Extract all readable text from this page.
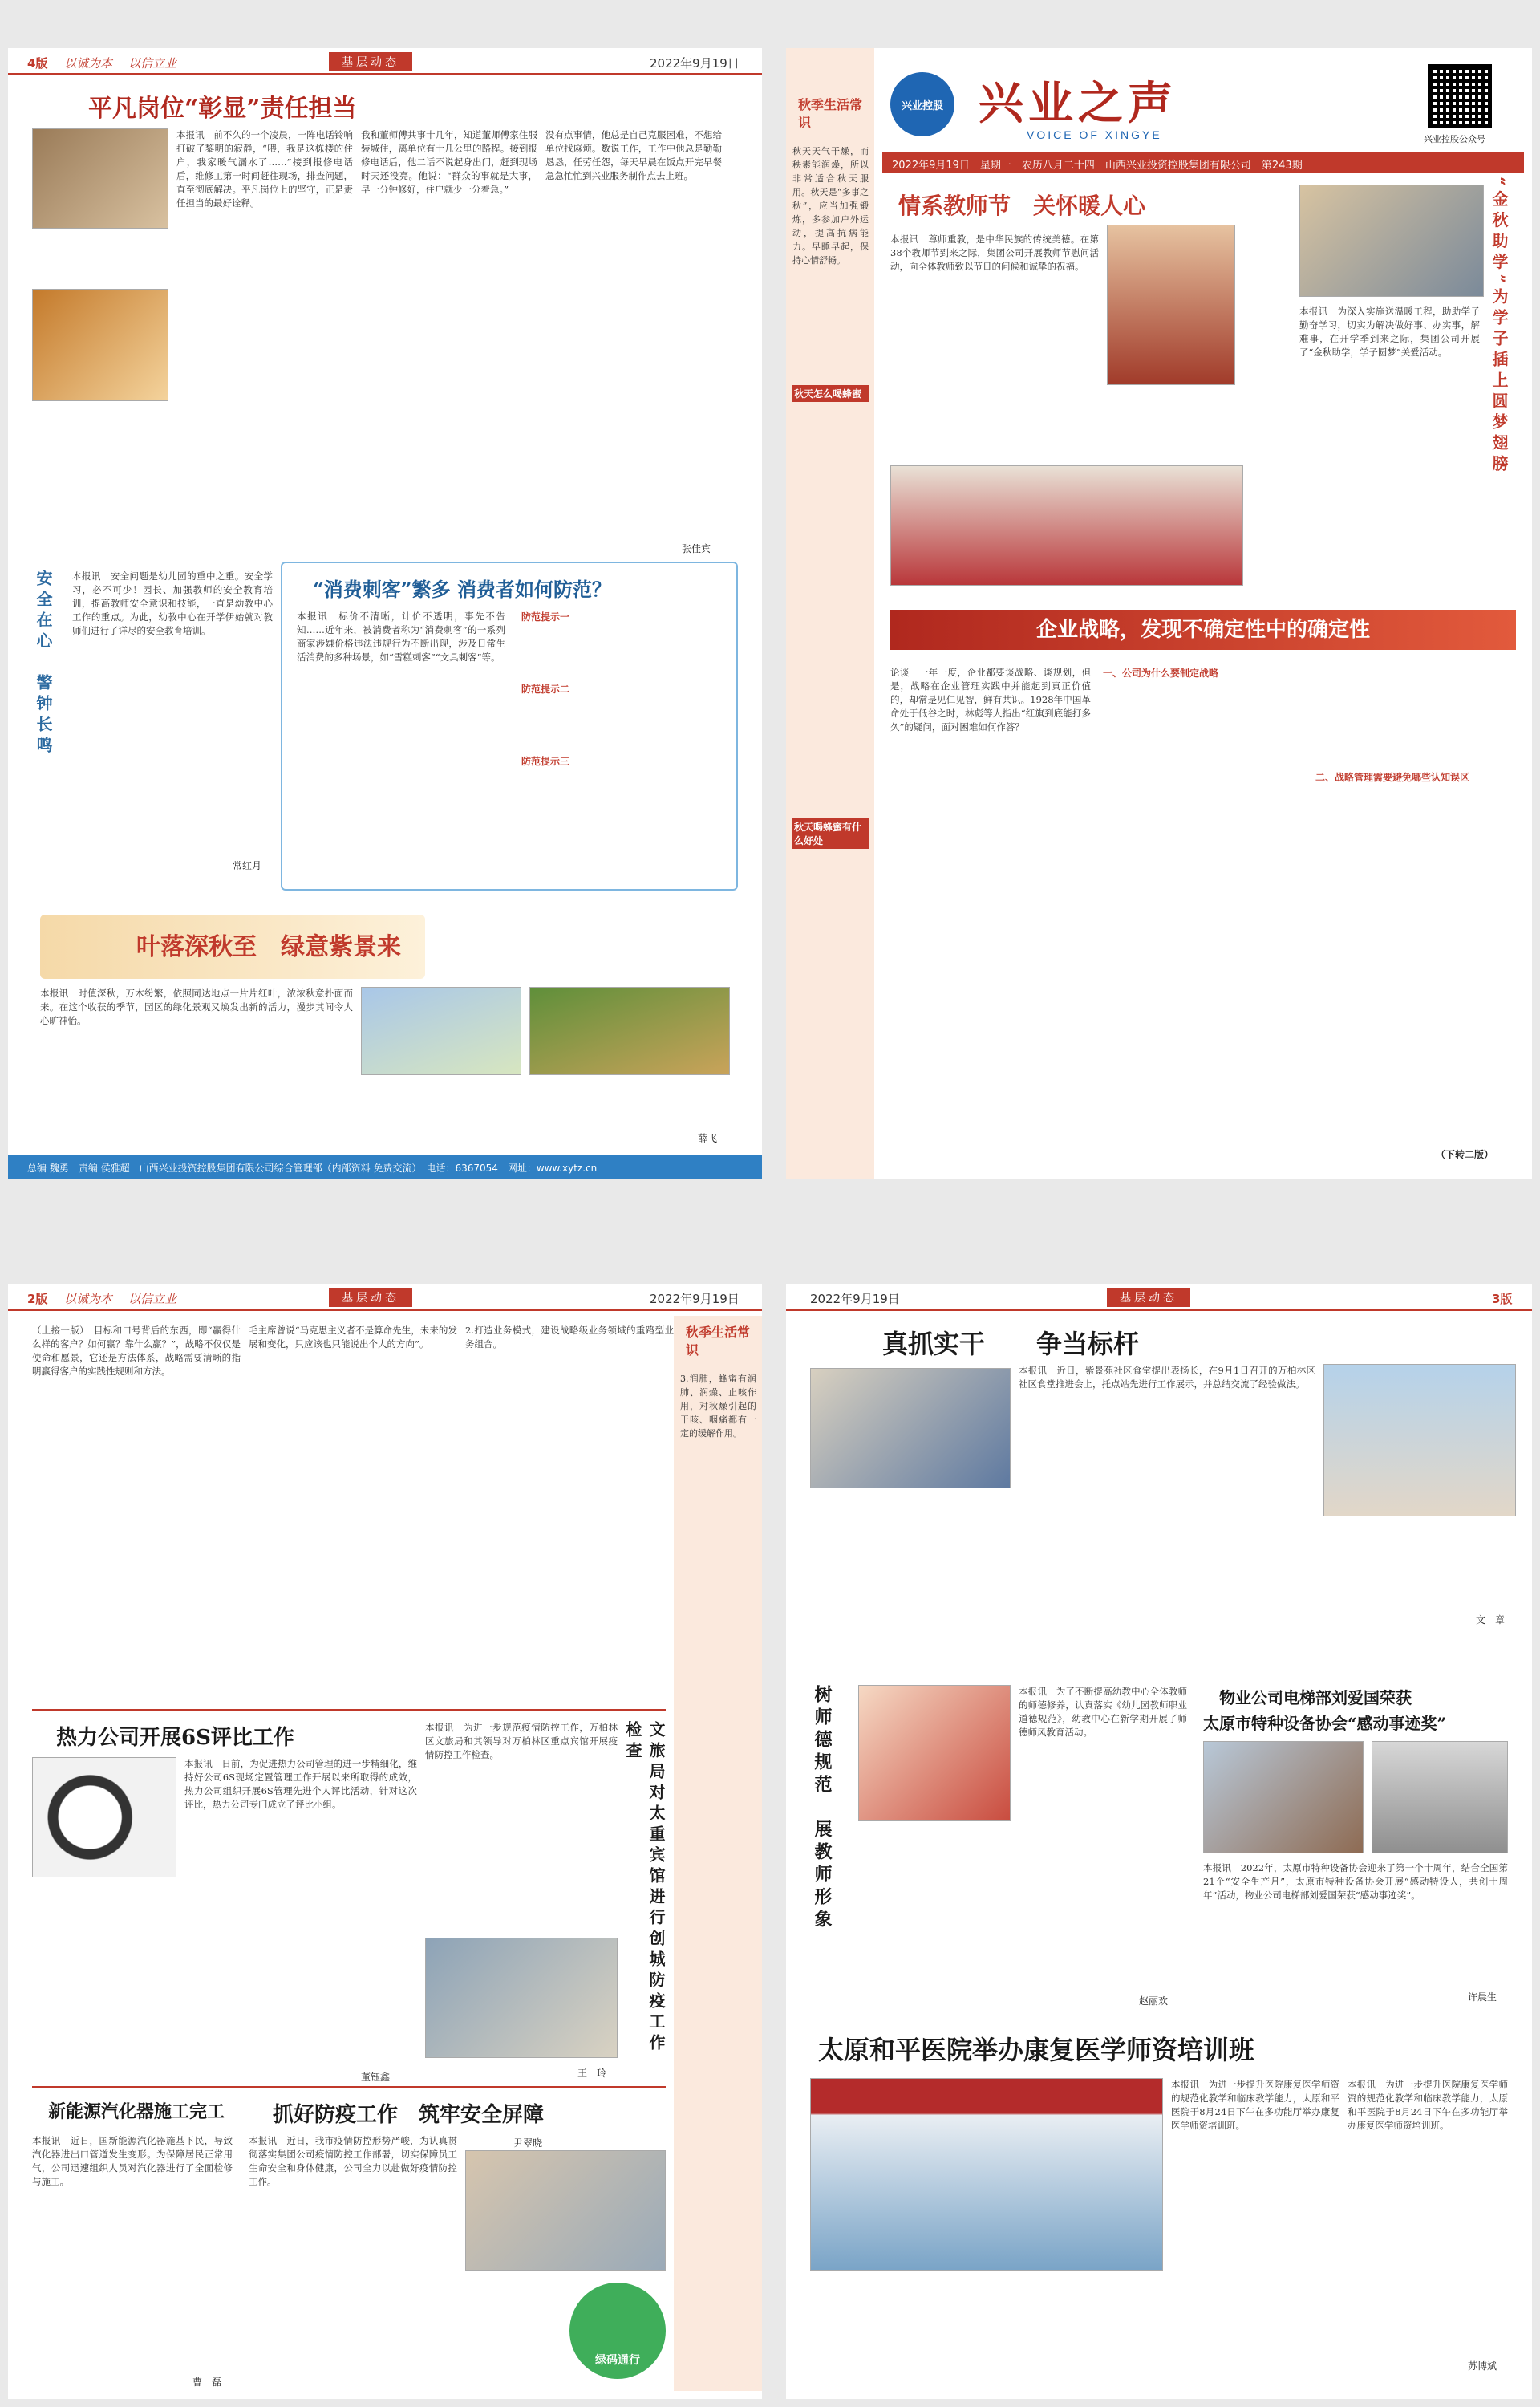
4版 以诚为本 以信立业	基层动态	2022年9月19日
平凡岗位“彰显”责任担当
本报讯　前不久的一个凌晨，一阵电话铃响打破了黎明的寂静，“喂，我是这栋楼的住户，我家暖气漏水了……”接到报修电话后，维修工第一时间赶往现场，排查问题，直至彻底解决。平凡岗位上的坚守，正是责任担当的最好诠释。
我和董师傅共事十几年，知道董师傅家住服装城住，离单位有十几公里的路程。接到报修电话后，他二话不说起身出门，赶到现场时天还没亮。他说：“群众的事就是大事，早一分钟修好，住户就少一分着急。”
没有点事情，他总是自己克服困难，不想给单位找麻烦。数说工作，工作中他总是勤勤恳恳，任劳任怨，每天早晨在饭点开完早餐急急忙忙到兴业服务制作点去上班。
张佳宾
安全在心　警钟长鸣 本报讯　安全问题是幼儿园的重中之重。安全学习，必不可少！园长、加强教师的安全教育培训，提高教师安全意识和技能，一直是幼教中心工作的重点。为此，幼教中心在开学伊始就对教师们进行了详尽的安全教育培训。
常红月
“消费刺客”繁多 消费者如何防范？
本报讯　标价不清晰，计价不透明，事先不告知……近年来，被消费者称为“消费刺客”的一系列商家涉嫌价格违法违规行为不断出现，涉及日常生活消费的多种场景，如“雪糕刺客”“文具刺客”等。
防范提示一
防范提示二
防范提示三
叶落深秋至　绿意紫景来
本报讯　时值深秋，万木纷繁，依照同达地点一片片红叶，浓浓秋意扑面而来。在这个收获的季节，园区的绿化景观又焕发出新的活力，漫步其间令人心旷神怡。
薛飞
总编 魏勇　责编 侯雅超　山西兴业投资控股集团有限公司综合管理部（内部资料 免费交流）　电话：6367054　网址：www.xytz.cn
秋季生活常识
秋天天气干燥，而秧素能润燥，所以非常适合秋天服用。秋天是“多事之秋”，应当加强锻炼，多参加户外运动，提高抗病能力。早睡早起，保持心情舒畅。
秋天怎么喝蜂蜜
秋天喝蜂蜜有什么好处
兴业控股 兴业之声
VOICE OF XINGYE	兴业控股公众号
2022年9月19日　星期一　农历八月二十四　山西兴业投资控股集团有限公司　第243期
情系教师节　关怀暖人心
本报讯　尊师重教，是中华民族的传统美德。在第38个教师节到来之际，集团公司开展教师节慰问活动，向全体教师致以节日的问候和诚挚的祝福。	“金秋助学”为学子插上圆梦翅膀
本报讯　为深入实施送温暖工程，助助学子勤奋学习，切实为解决做好事、办实事，解难事，在开学季到来之际，集团公司开展了“金秋助学，学子圆梦”关爱活动。
企业战略，发现不确定性中的确定性
论谈　一年一度，企业都要谈战略、谈规划，但是，战略在企业管理实践中并能起到真正价值的，却常是见仁见智，鲜有共识。1928年中国革命处于低谷之时，林彪等人指出“红旗到底能打多久”的疑问，面对困难如何作答？
一、公司为什么要制定战略
二、战略管理需要避免哪些认知误区
（下转二版）
2版 以诚为本 以信立业	基层动态	2022年9月19日
（上接一版）　目标和口号背后的东西，即“赢得什么样的客户？如何赢？靠什么赢？”，战略不仅仅是使命和愿景，它还是方法体系，战略需要清晰的指明赢得客户的实践性规则和方法。
毛主席曾说“马克思主义者不是算命先生，未来的发展和变化，只应该也只能说出个大的方向”。
2.打造业务模式，建设战略级业务领域的重路型业务组合。
秋季生活常识
3.润肺，蜂蜜有润肺、润燥、止咳作用，对秋燥引起的干咳、咽痛都有一定的缓解作用。
热力公司开展6S评比工作
本报讯　日前，为促进热力公司管理的进一步精细化，维持好公司6S现场定置管理工作开展以来所取得的成效，热力公司组织开展6S管理先进个人评比活动，针对这次评比，热力公司专门成立了评比小组。
董钰鑫
本报讯　为进一步规范疫情防控工作，万柏林区文旅局和其领导对万柏林区重点宾馆开展疫情防控工作检查。	文旅局对太重宾馆进行创城防疫工作检查
王　玲
新能源汽化器施工完工
本报讯　近日，国新能源汽化器施基下民，导致汽化器进出口管道发生变形。为保障居民正常用气，公司迅速组织人员对汽化器进行了全面检修与施工。
曹　磊
抓好防疫工作　筑牢安全屏障
本报讯　近日，我市疫情防控形势严峻，为认真贯彻落实集团公司疫情防控工作部署，切实保障员工生命安全和身体健康，公司全力以赴做好疫情防控工作。
尹翠晓
绿码通行
2022年9月19日	基层动态	3版
真抓实干　　争当标杆
本报讯　近日，紫景苑社区食堂提出表扬长，在9月1日召开的万柏林区社区食堂推进会上，托点站先进行工作展示，并总结交流了经验做法。
文　章
树师德规范　展教师形象	本报讯　为了不断提高幼教中心全体教师的师德修养，认真落实《幼儿园教师职业道德规范》，幼教中心在新学期开展了师德师风教育活动。
赵丽欢
物业公司电梯部刘爱国荣获
太原市特种设备协会“感动事迹奖”
本报讯　2022年，太原市特种设备协会迎来了第一个十周年，结合全国第21个“安全生产月”，太原市特种设备协会开展“感动特设人，共创十周年”活动，物业公司电梯部刘爱国荣获“感动事迹奖”。
许晨生
太原和平医院举办康复医学师资培训班
本报讯　为进一步提升医院康复医学师资的规范化教学和临床教学能力，太原和平医院于8月24日下午在多功能厅举办康复医学师资培训班。
本报讯　为进一步提升医院康复医学师资的规范化教学和临床教学能力，太原和平医院于8月24日下午在多功能厅举办康复医学师资培训班。
苏博斌
